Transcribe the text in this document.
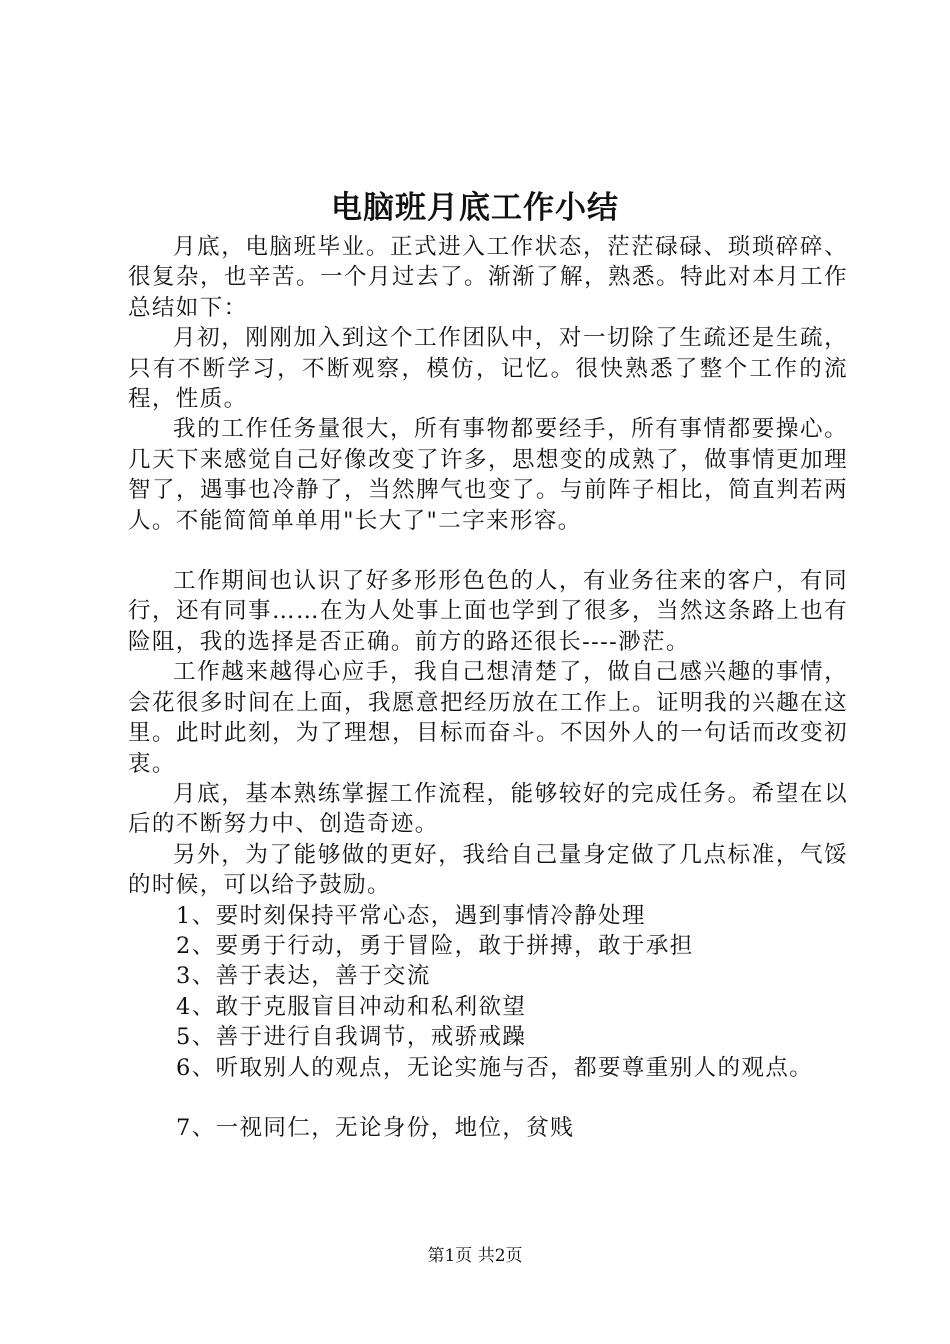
电脑班月底工作小结

月底，电脑班毕业。正式进入工作状态，茫茫碌碌、琐琐碎碎、很复杂，也辛苦。一个月过去了。渐渐了解，熟悉。特此对本月工作总结如下：

月初，刚刚加入到这个工作团队中，对一切除了生疏还是生疏，只有不断学习，不断观察，模仿，记忆。很快熟悉了整个工作的流程，性质。

我的工作任务量很大，所有事物都要经手，所有事情都要操心。几天下来感觉自己好像改变了许多，思想变的成熟了，做事情更加理智了，遇事也冷静了，当然脾气也变了。与前阵子相比，简直判若两人。不能简简单单用"长大了"二字来形容。

工作期间也认识了好多形形色色的人，有业务往来的客户，有同行，还有同事……在为人处事上面也学到了很多，当然这条路上也有险阻，我的选择是否正确。前方的路还很长----渺茫。

工作越来越得心应手，我自己想清楚了，做自己感兴趣的事情，会花很多时间在上面，我愿意把经历放在工作上。证明我的兴趣在这里。此时此刻，为了理想，目标而奋斗。不因外人的一句话而改变初衷。

月底，基本熟练掌握工作流程，能够较好的完成任务。希望在以后的不断努力中、创造奇迹。

另外，为了能够做的更好，我给自己量身定做了几点标准，气馁的时候，可以给予鼓励。

1、要时刻保持平常心态，遇到事情冷静处理

2、要勇于行动，勇于冒险，敢于拼搏，敢于承担

3、善于表达，善于交流

4、敢于克服盲目冲动和私利欲望

5、善于进行自我调节，戒骄戒躁

6、听取别人的观点，无论实施与否，都要尊重别人的观点。

7、一视同仁，无论身份，地位，贫贱

第1页 共2页
